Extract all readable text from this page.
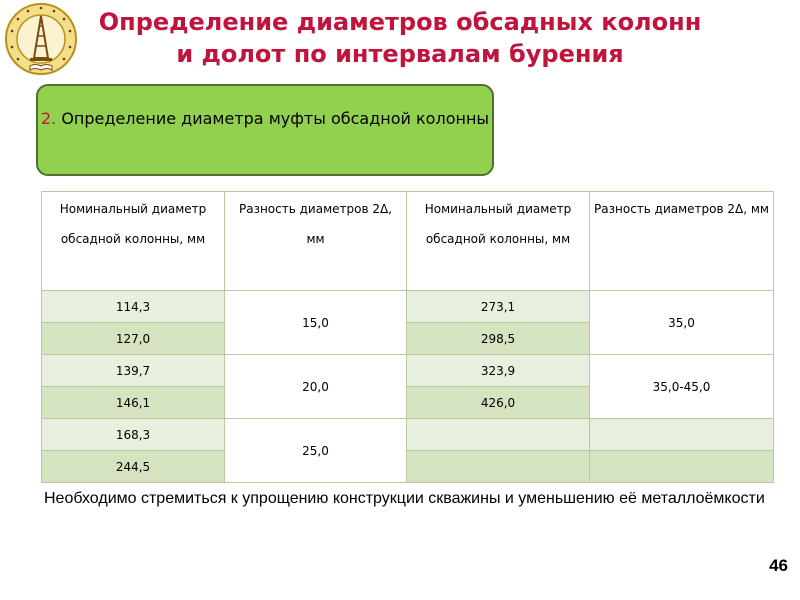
Определение диаметров обсадных колонн
и долот по интервалам бурения
2. Определение диаметра муфты обсадной колонны
Номинальный диаметр обсадной колонны, мм	Разность диаметров 2Δ, мм	Номинальный диаметр обсадной колонны, мм	Разность диаметров 2Δ, мм
114,3	15,0	273,1	35,0
127,0		298,5	
139,7	20,0	323,9	35,0-45,0
146,1		426,0	
168,3	25,0		
244,5			
Необходимо стремиться к упрощению конструкции скважины и уменьшению её металлоёмкости
46
